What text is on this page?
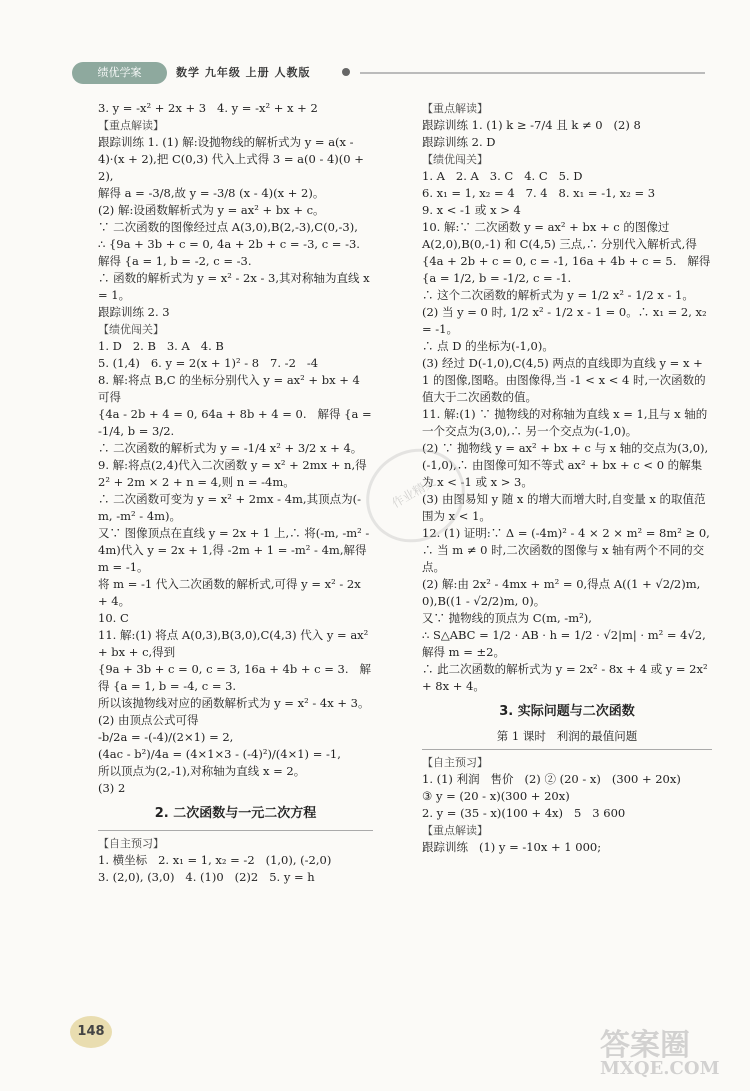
绩优学案	数学 九年级 上册 人教版

3. y = -x² + 2x + 3   4. y = -x² + x + 2

【重点解读】

跟踪训练 1. (1) 解:设抛物线的解析式为 y = a(x - 4)·(x + 2),把 C(0,3) 代入上式得 3 = a(0 - 4)(0 + 2),

解得 a = -3/8,故 y = -3/8 (x - 4)(x + 2)。

(2) 解:设函数解析式为 y = ax² + bx + c。

∵ 二次函数的图像经过点 A(3,0),B(2,-3),C(0,-3),

∴ {9a + 3b + c = 0, 4a + 2b + c = -3, c = -3.   解得 {a = 1, b = -2, c = -3.

∴ 函数的解析式为 y = x² - 2x - 3,其对称轴为直线 x = 1。

跟踪训练 2. 3

【绩优闯关】

1. D   2. B   3. A   4. B

5. (1,4)   6. y = 2(x + 1)² - 8   7. -2   -4

8. 解:将点 B,C 的坐标分别代入 y = ax² + bx + 4 可得

{4a - 2b + 4 = 0, 64a + 8b + 4 = 0.   解得 {a = -1/4, b = 3/2.

∴ 二次函数的解析式为 y = -1/4 x² + 3/2 x + 4。

9. 解:将点(2,4)代入二次函数 y = x² + 2mx + n,得 2² + 2m × 2 + n = 4,则 n = -4m。

∴ 二次函数可变为 y = x² + 2mx - 4m,其顶点为(-m, -m² - 4m)。

又∵ 图像顶点在直线 y = 2x + 1 上,∴ 将(-m, -m² - 4m)代入 y = 2x + 1,得 -2m + 1 = -m² - 4m,解得 m = -1。

将 m = -1 代入二次函数的解析式,可得 y = x² - 2x + 4。

10. C

11. 解:(1) 将点 A(0,3),B(3,0),C(4,3) 代入 y = ax² + bx + c,得到

{9a + 3b + c = 0, c = 3, 16a + 4b + c = 3.   解得 {a = 1, b = -4, c = 3.

所以该抛物线对应的函数解析式为 y = x² - 4x + 3。

(2) 由顶点公式可得

-b/2a = -(-4)/(2×1) = 2,

(4ac - b²)/4a = (4×1×3 - (-4)²)/(4×1) = -1,

所以顶点为(2,-1),对称轴为直线 x = 2。

(3) 2

2. 二次函数与一元二次方程

【自主预习】

1. 横坐标   2. x₁ = 1, x₂ = -2   (1,0), (-2,0)

3. (2,0), (3,0)   4. (1)0   (2)2   5. y = h

【重点解读】

跟踪训练 1. (1) k ≥ -7/4 且 k ≠ 0   (2) 8

跟踪训练 2. D

【绩优闯关】

1. A   2. A   3. C   4. C   5. D

6. x₁ = 1, x₂ = 4   7. 4   8. x₁ = -1, x₂ = 3

9. x < -1 或 x > 4

10. 解:∵ 二次函数 y = ax² + bx + c 的图像过 A(2,0),B(0,-1) 和 C(4,5) 三点,∴ 分别代入解析式,得

{4a + 2b + c = 0, c = -1, 16a + 4b + c = 5.   解得 {a = 1/2, b = -1/2, c = -1.

∴ 这个二次函数的解析式为 y = 1/2 x² - 1/2 x - 1。

(2) 当 y = 0 时, 1/2 x² - 1/2 x - 1 = 0。∴ x₁ = 2, x₂ = -1。

∴ 点 D 的坐标为(-1,0)。

(3) 经过 D(-1,0),C(4,5) 两点的直线即为直线 y = x + 1 的图像,图略。由图像得,当 -1 < x < 4 时,一次函数的值大于二次函数的值。

11. 解:(1) ∵ 抛物线的对称轴为直线 x = 1,且与 x 轴的一个交点为(3,0),∴ 另一个交点为(-1,0)。

(2) ∵ 抛物线 y = ax² + bx + c 与 x 轴的交点为(3,0),(-1,0),∴ 由图像可知不等式 ax² + bx + c < 0 的解集为 x < -1 或 x > 3。

(3) 由图易知 y 随 x 的增大而增大时,自变量 x 的取值范围为 x < 1。

12. (1) 证明:∵ Δ = (-4m)² - 4 × 2 × m² = 8m² ≥ 0,

∴ 当 m ≠ 0 时,二次函数的图像与 x 轴有两个不同的交点。

(2) 解:由 2x² - 4mx + m² = 0,得点 A((1 + √2/2)m, 0),B((1 - √2/2)m, 0)。

又∵ 抛物线的顶点为 C(m, -m²),

∴ S△ABC = 1/2 · AB · h = 1/2 · √2|m| · m² = 4√2,

解得 m = ±2。

∴ 此二次函数的解析式为 y = 2x² - 8x + 4 或 y = 2x² + 8x + 4。

3. 实际问题与二次函数

第 1 课时   利润的最值问题

【自主预习】

1. (1) 利润   售价   (2) ② (20 - x)   (300 + 20x)

③ y = (20 - x)(300 + 20x)

2. y = (35 - x)(100 + 4x)   5   3 600

【重点解读】

跟踪训练   (1) y = -10x + 1 000;

作业精灵
148	答案圈
MXQE.COM
